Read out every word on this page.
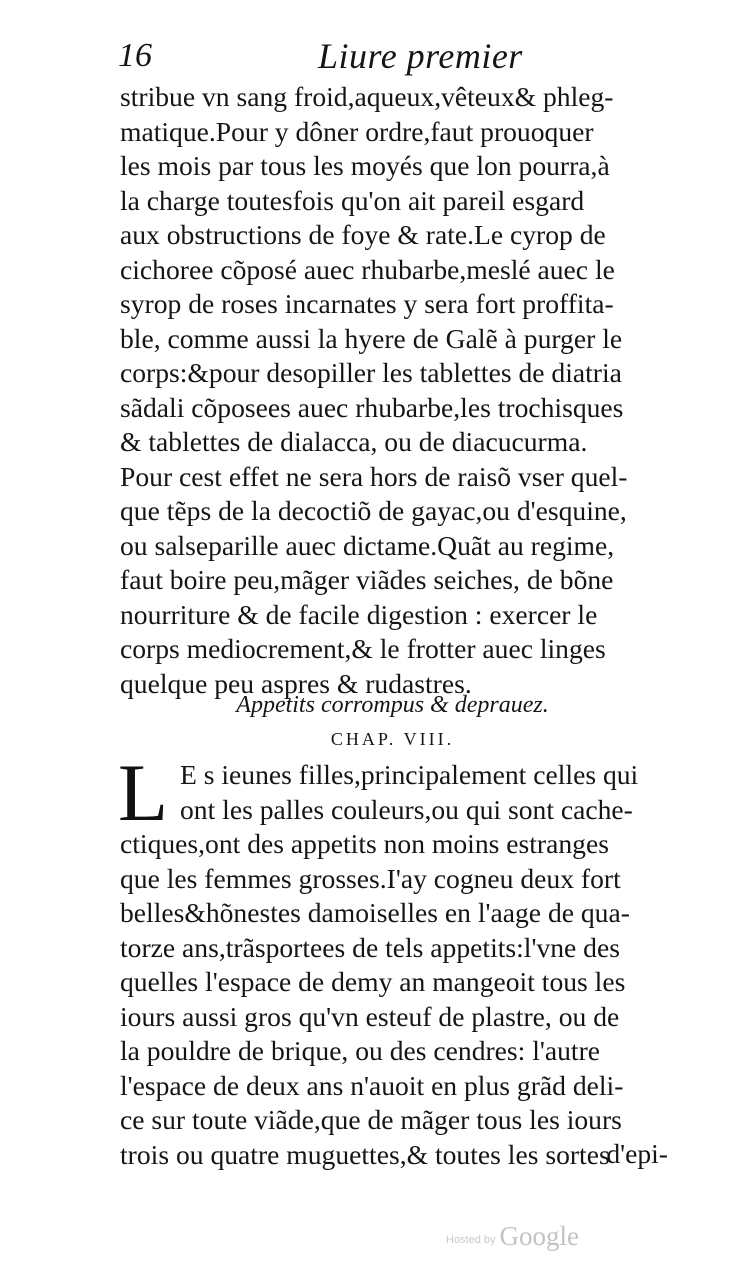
16	Liure premier
stribue vn sang froid,aqueux,vêteux& phleg-
matique.Pour y dôner ordre,faut prouoquer
les mois par tous les moyés que lon pourra,à
la charge toutesfois qu'on ait pareil esgard
aux obstructions de foye & rate.Le cyrop de
cichoree cõposé auec rhubarbe,meslé auec le
syrop de roses incarnates y sera fort proffita-
ble, comme aussi la hyere de Galẽ à purger le
corps:&pour desopiller les tablettes de diatria
sãdali cõposees auec rhubarbe,les trochisques
& tablettes de dialacca, ou de diacucurma.
Pour cest effet ne sera hors de raisõ vser quel-
que tẽps de la decoctiõ de gayac,ou d'esquine,
ou salseparille auec dictame.Quãt au regime,
faut boire peu,mãger viãdes seiches, de bõne
nourriture & de facile digestion : exercer le
corps mediocrement,& le frotter auec linges
quelque peu aspres & rudastres.
Appetits corrompus & deprauez.
CHAP. VIII.
L E s ieunes filles,principalement celles qui
ont les palles couleurs,ou qui sont cache-
ctiques,ont des appetits non moins estranges
que les femmes grosses.I'ay cogneu deux fort
belles&hõnestes damoiselles en l'aage de qua-
torze ans,trãsportees de tels appetits:l'vne des
quelles l'espace de demy an mangeoit tous les
iours aussi gros qu'vn esteuf de plastre, ou de
la pouldre de brique, ou des cendres: l'autre
l'espace de deux ans n'auoit en plus grãd deli-
ce sur toute viãde,que de mãger tous les iours
trois ou quatre muguettes,& toutes les sortes
d'epi-
Hosted by Google
